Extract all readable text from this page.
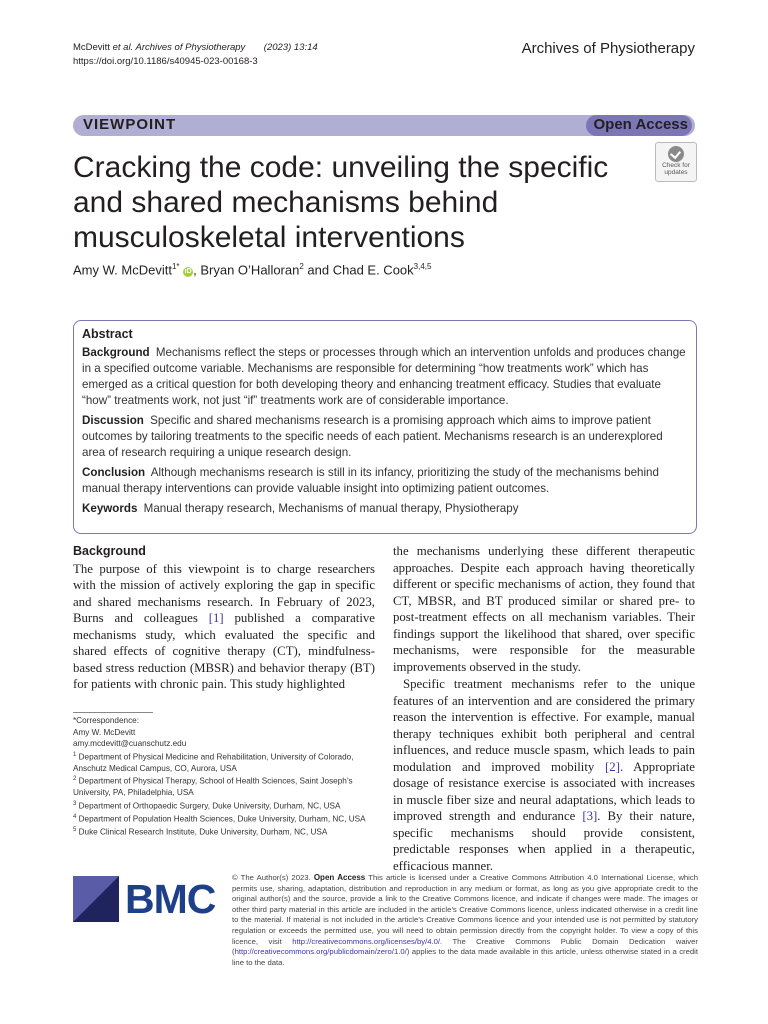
McDevitt et al. Archives of Physiotherapy (2023) 13:14
https://doi.org/10.1186/s40945-023-00168-3
Archives of Physiotherapy
VIEWPOINT	Open Access
Cracking the code: unveiling the specific and shared mechanisms behind musculoskeletal interventions
Check for
updates
Amy W. McDevitt$^{1*}$ iD , Bryan O’Halloran$^2$ and Chad E. Cook$^{3,4,5}$
Abstract

Background Mechanisms reflect the steps or processes through which an intervention unfolds and produces change in a specified outcome variable. Mechanisms are responsible for determining “how treatments work” which has emerged as a critical question for both developing theory and enhancing treatment efficacy. Studies that evaluate “how” treatments work, not just “if” treatments work are of considerable importance.

Discussion Specific and shared mechanisms research is a promising approach which aims to improve patient outcomes by tailoring treatments to the specific needs of each patient. Mechanisms research is an underexplored area of research requiring a unique research design.

Conclusion Although mechanisms research is still in its infancy, prioritizing the study of the mechanisms behind manual therapy interventions can provide valuable insight into optimizing patient outcomes.

Keywords Manual therapy research, Mechanisms of manual therapy, Physiotherapy

Background

The purpose of this viewpoint is to charge researchers with the mission of actively exploring the gap in specific and shared mechanisms research. In February of 2023, Burns and colleagues [1] published a comparative mechanisms study, which evaluated the specific and shared effects of cognitive therapy (CT), mindfulness-based stress reduction (MBSR) and behavior therapy (BT) for patients with chronic pain. This study highlighted

*Correspondence:
Amy W. McDevitt
amy.mcdevitt@cuanschutz.edu
$^1$ Department of Physical Medicine and Rehabilitation, University of Colorado, Anschutz Medical Campus, CO, Aurora, USA
$^2$ Department of Physical Therapy, School of Health Sciences, Saint Joseph’s University, PA, Philadelphia, USA
$^3$ Department of Orthopaedic Surgery, Duke University, Durham, NC, USA
$^4$ Department of Population Health Sciences, Duke University, Durham, NC, USA
$^5$ Duke Clinical Research Institute, Duke University, Durham, NC, USA

the mechanisms underlying these different therapeutic approaches. Despite each approach having theoretically different or specific mechanisms of action, they found that CT, MBSR, and BT produced similar or shared pre- to post-treatment effects on all mechanism variables. Their findings support the likelihood that shared, over specific mechanisms, were responsible for the measurable improvements observed in the study.

Specific treatment mechanisms refer to the unique features of an intervention and are considered the primary reason the intervention is effective. For example, manual therapy techniques exhibit both peripheral and central influences, and reduce muscle spasm, which leads to pain modulation and improved mobility [2]. Appropriate dosage of resistance exercise is associated with increases in muscle fiber size and neural adaptations, which leads to improved strength and endurance [3]. By their nature, specific mechanisms should provide consistent, predictable responses when applied in a therapeutic, efficacious manner.

BMC © The Author(s) 2023. Open Access This article is licensed under a Creative Commons Attribution 4.0 International License, which permits use, sharing, adaptation, distribution and reproduction in any medium or format, as long as you give appropriate credit to the original author(s) and the source, provide a link to the Creative Commons licence, and indicate if changes were made. The images or other third party material in this article are included in the article’s Creative Commons licence, unless indicated otherwise in a credit line to the material. If material is not included in the article’s Creative Commons licence and your intended use is not permitted by statutory regulation or exceeds the permitted use, you will need to obtain permission directly from the copyright holder. To view a copy of this licence, visit http://creativecommons.org/licenses/by/4.0/. The Creative Commons Public Domain Dedication waiver (http://creativecommons.org/publicdomain/zero/1.0/) applies to the data made available in this article, unless otherwise stated in a credit line to the data.
